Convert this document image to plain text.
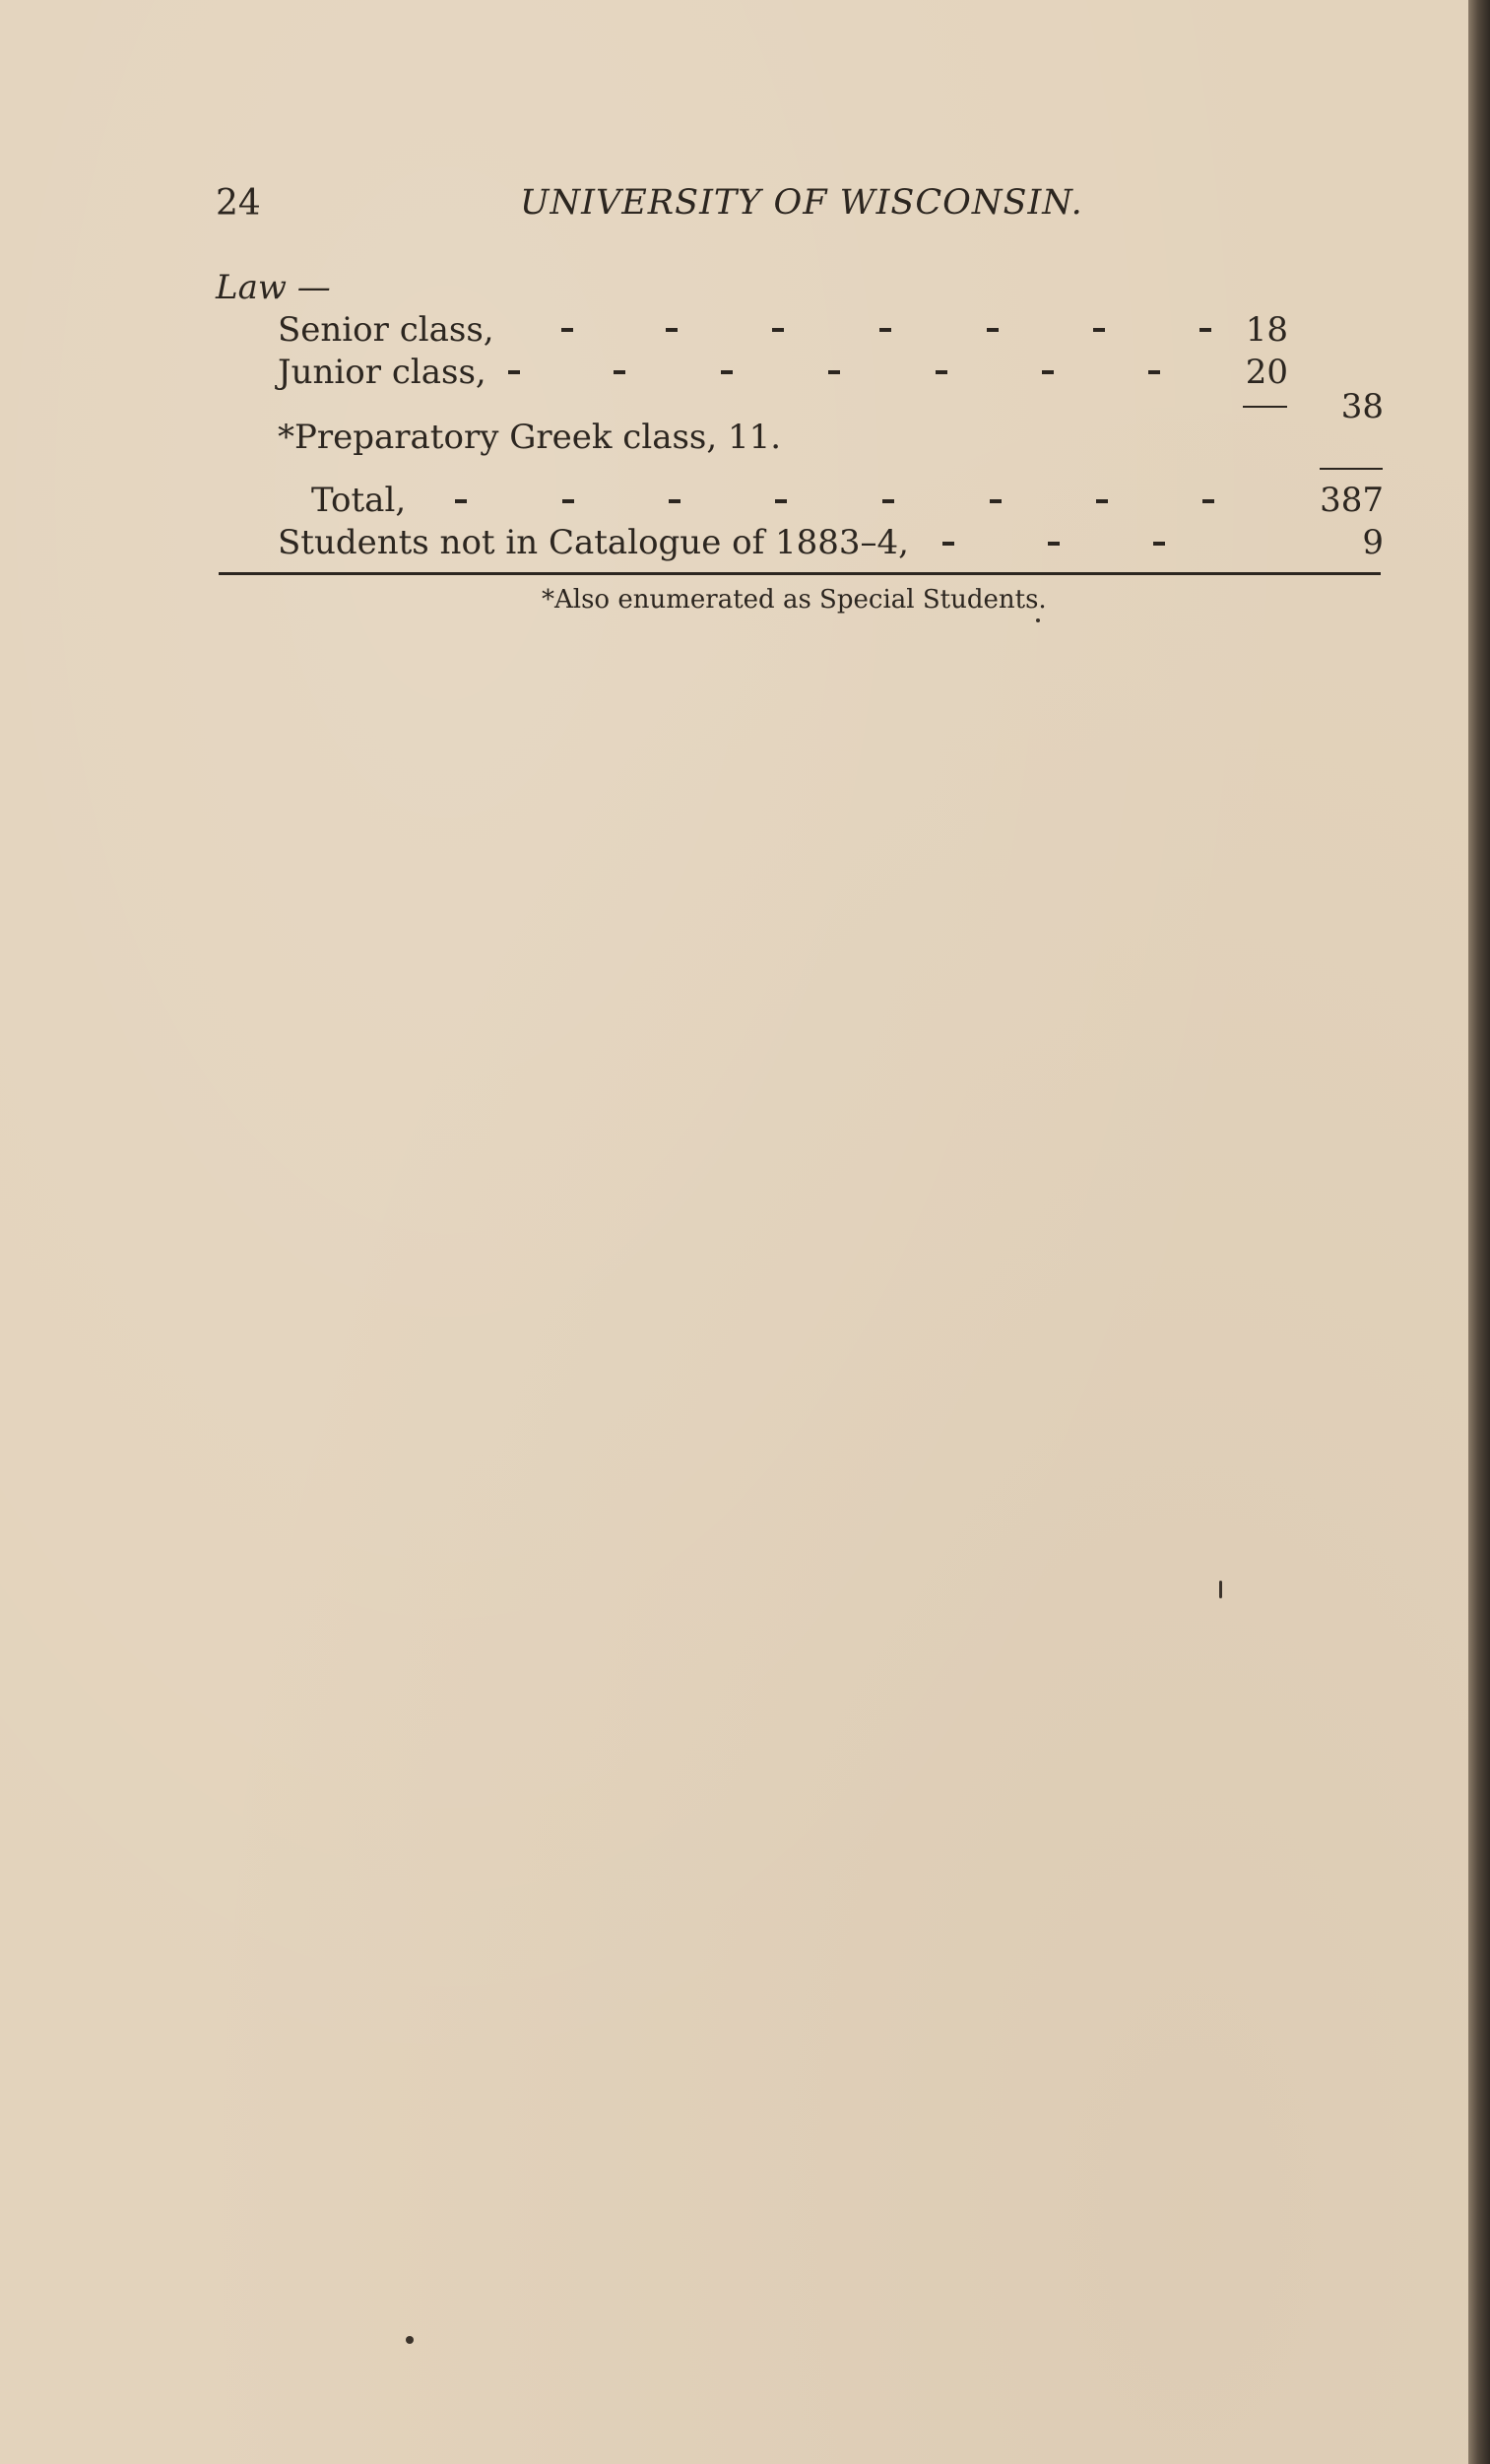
24	UNIVERSITY OF WISCONSIN.
Law —
Senior class,	18
Junior class,	20
38
*Preparatory Greek class, 11.
Total,	387
Students not in Catalogue of 1883–4,	9
*Also enumerated as Special Students.
